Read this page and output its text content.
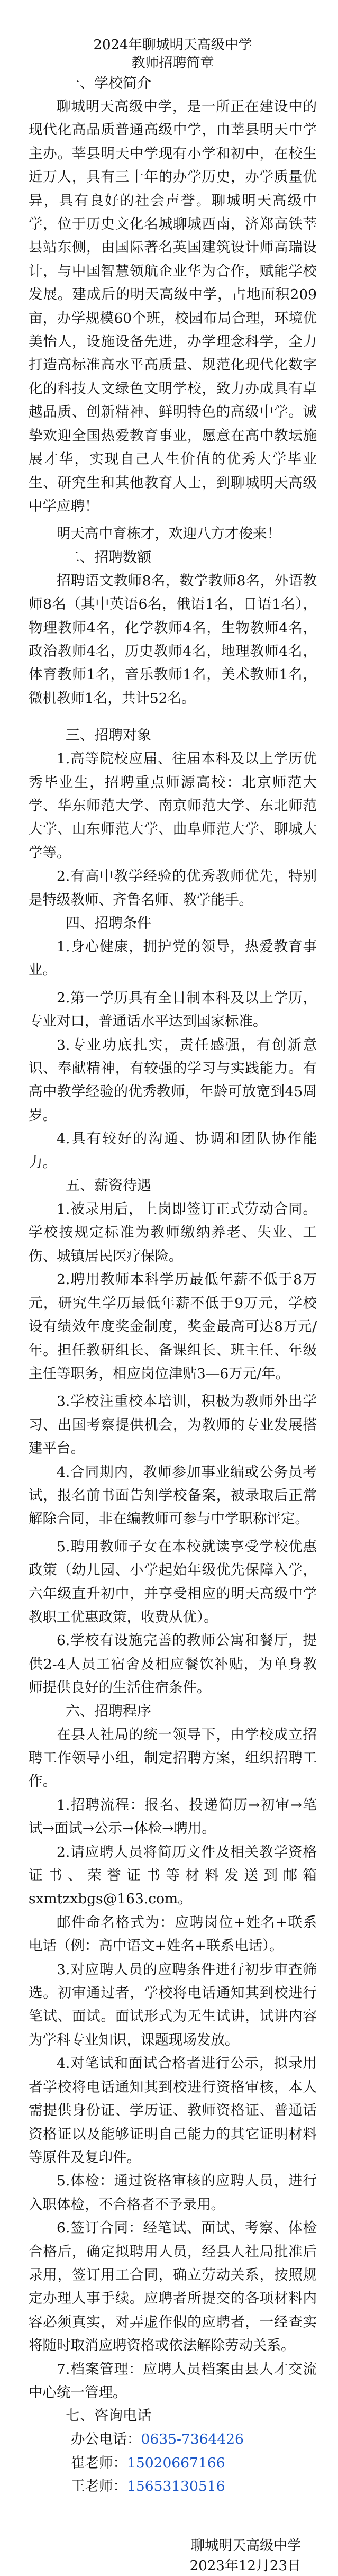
2024年聊城明天高级中学
教师招聘简章
一、学校简介

聊城明天高级中学，是一所正在建设中的现代化高品质普通高级中学，由莘县明天中学主办。莘县明天中学现有小学和初中，在校生近万人，具有三十年的办学历史，办学质量优异，具有良好的社会声誉。聊城明天高级中学，位于历史文化名城聊城西南，济郑高铁莘县站东侧，由国际著名英国建筑设计师高瑞设计，与中国智慧领航企业华为合作，赋能学校发展。建成后的明天高级中学，占地面积209亩，办学规模60个班，校园布局合理，环境优美怡人，设施设备先进，办学理念科学，全力打造高标准高水平高质量、规范化现代化数字化的科技人文绿色文明学校，致力办成具有卓越品质、创新精神、鲜明特色的高级中学。诚挚欢迎全国热爱教育事业，愿意在高中教坛施展才华，实现自己人生价值的优秀大学毕业生、研究生和其他教育人士，到聊城明天高级中学应聘！

明天高中育栋才，欢迎八方才俊来！

二、招聘数额

招聘语文教师8名，数学教师8名，外语教师8名（其中英语6名，俄语1名，日语1名），物理教师4名，化学教师4名，生物教师4名，政治教师4名，历史教师4名，地理教师4名，体育教师1名，音乐教师1名，美术教师1名，微机教师1名，共计52名。

三、招聘对象

1.高等院校应届、往届本科及以上学历优秀毕业生，招聘重点师源高校：北京师范大学、华东师范大学、南京师范大学、东北师范大学、山东师范大学、曲阜师范大学、聊城大学等。

2.有高中教学经验的优秀教师优先，特别是特级教师、齐鲁名师、教学能手。

四、招聘条件

1.身心健康，拥护党的领导，热爱教育事业。

2.第一学历具有全日制本科及以上学历，专业对口，普通话水平达到国家标准。

3.专业功底扎实，责任感强，有创新意识、奉献精神，有较强的学习与实践能力。有高中教学经验的优秀教师，年龄可放宽到45周岁。

4.具有较好的沟通、协调和团队协作能力。

五、薪资待遇

1.被录用后，上岗即签订正式劳动合同。学校按规定标准为教师缴纳养老、失业、工伤、城镇居民医疗保险。

2.聘用教师本科学历最低年薪不低于8万元，研究生学历最低年薪不低于9万元，学校设有绩效年度奖金制度，奖金最高可达8万元/年。担任教研组长、备课组长、班主任、年级主任等职务，相应岗位津贴3—6万元/年。

3.学校注重校本培训，积极为教师外出学习、出国考察提供机会，为教师的专业发展搭建平台。

4.合同期内，教师参加事业编或公务员考试，报名前书面告知学校备案，被录取后正常解除合同，非在编教师可参与中学职称评定。

5.聘用教师子女在本校就读享受学校优惠政策（幼儿园、小学起始年级优先保障入学，六年级直升初中，并享受相应的明天高级中学教职工优惠政策，收费从优）。

6.学校有设施完善的教师公寓和餐厅，提供2-4人员工宿舍及相应餐饮补贴，为单身教师提供良好的生活住宿条件。

六、招聘程序

在县人社局的统一领导下，由学校成立招聘工作领导小组，制定招聘方案，组织招聘工作。

1.招聘流程：报名、投递简历→初审→笔试→面试→公示→体检→聘用。

2.请应聘人员将简历文件及相关教学资格证书、荣誉证书等材料发送到邮箱sxmtzxbgs@163.com。

邮件命名格式为：应聘岗位+姓名+联系电话（例：高中语文+姓名+联系电话）。

3.对应聘人员的应聘条件进行初步审查筛选。初审通过者，学校将电话通知其到校进行笔试、面试。面试形式为无生试讲，试讲内容为学科专业知识，课题现场发放。

4.对笔试和面试合格者进行公示，拟录用者学校将电话通知其到校进行资格审核，本人需提供身份证、学历证、教师资格证、普通话资格证以及能够证明自己能力的其它证明材料等原件及复印件。

5.体检：通过资格审核的应聘人员，进行入职体检，不合格者不予录用。

6.签订合同：经笔试、面试、考察、体检合格后，确定拟聘用人员，经县人社局批准后录用，签订用工合同，确立劳动关系，按照规定办理人事手续。应聘者所提交的各项材料内容必须真实，对弄虚作假的应聘者，一经查实将随时取消应聘资格或依法解除劳动关系。

7.档案管理：应聘人员档案由县人才交流中心统一管理。

七、咨询电话

办公电话：0635-7364426

崔老师：15020667166

王老师：15653130516

聊城明天高级中学
2023年12月23日
